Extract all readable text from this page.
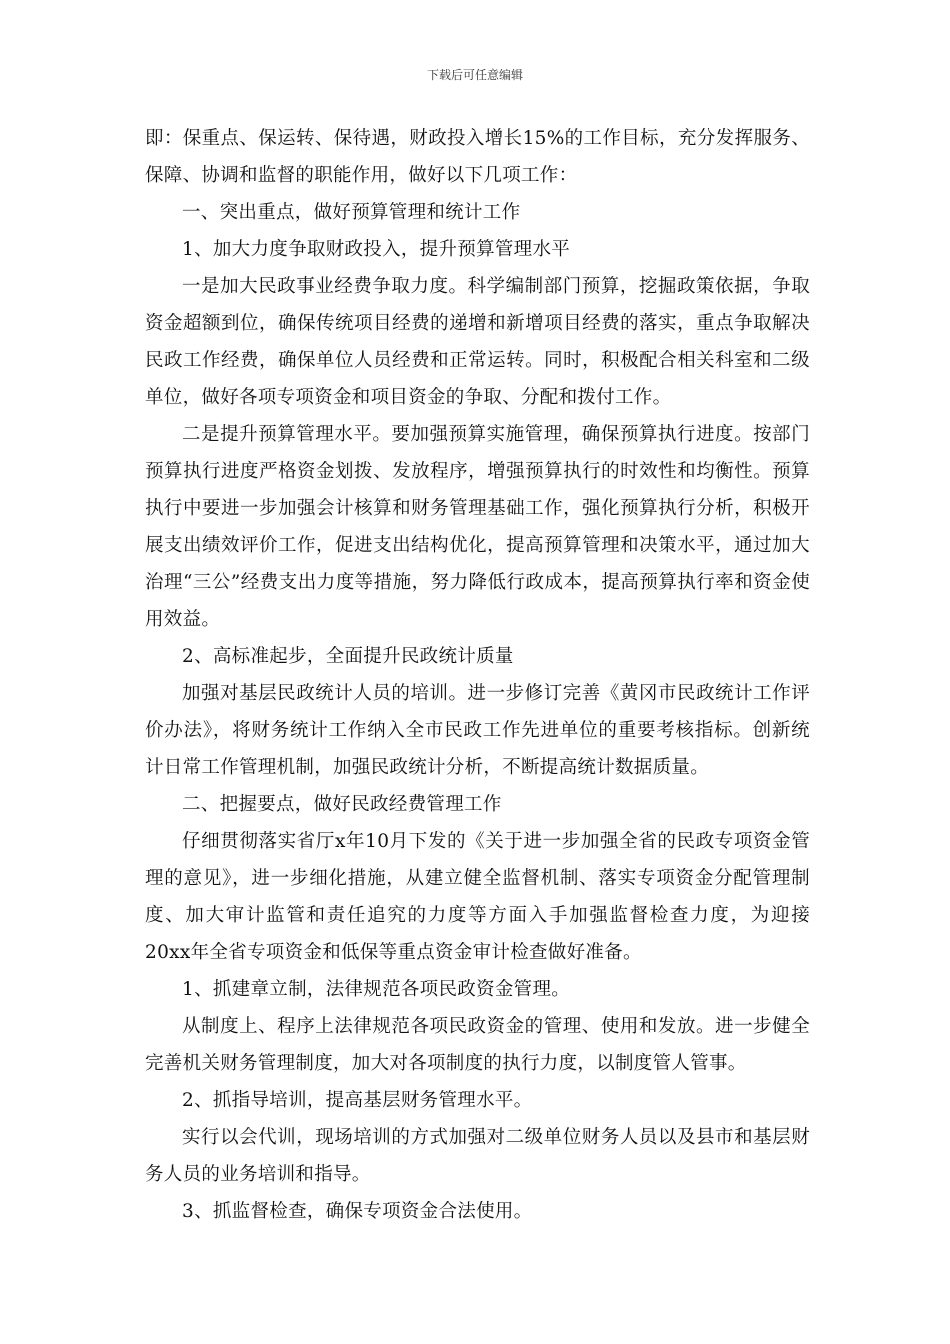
下载后可任意编辑

即：保重点、保运转、保待遇，财政投入增长15%的工作目标，充分发挥服务、保障、协调和监督的职能作用，做好以下几项工作：

一、突出重点，做好预算管理和统计工作

1、加大力度争取财政投入，提升预算管理水平

一是加大民政事业经费争取力度。科学编制部门预算，挖掘政策依据，争取资金超额到位，确保传统项目经费的递增和新增项目经费的落实，重点争取解决民政工作经费，确保单位人员经费和正常运转。同时，积极配合相关科室和二级单位，做好各项专项资金和项目资金的争取、分配和拨付工作。

二是提升预算管理水平。要加强预算实施管理，确保预算执行进度。按部门预算执行进度严格资金划拨、发放程序，增强预算执行的时效性和均衡性。预算执行中要进一步加强会计核算和财务管理基础工作，强化预算执行分析，积极开展支出绩效评价工作，促进支出结构优化，提高预算管理和决策水平，通过加大治理“三公”经费支出力度等措施，努力降低行政成本，提高预算执行率和资金使用效益。

2、高标准起步，全面提升民政统计质量

加强对基层民政统计人员的培训。进一步修订完善《黄冈市民政统计工作评价办法》，将财务统计工作纳入全市民政工作先进单位的重要考核指标。创新统计日常工作管理机制，加强民政统计分析，不断提高统计数据质量。

二、把握要点，做好民政经费管理工作

仔细贯彻落实省厅x年10月下发的《关于进一步加强全省的民政专项资金管理的意见》，进一步细化措施，从建立健全监督机制、落实专项资金分配管理制度、加大审计监管和责任追究的力度等方面入手加强监督检查力度，为迎接20xx年全省专项资金和低保等重点资金审计检查做好准备。

1、抓建章立制，法律规范各项民政资金管理。

从制度上、程序上法律规范各项民政资金的管理、使用和发放。进一步健全完善机关财务管理制度，加大对各项制度的执行力度，以制度管人管事。

2、抓指导培训，提高基层财务管理水平。

实行以会代训，现场培训的方式加强对二级单位财务人员以及县市和基层财务人员的业务培训和指导。

3、抓监督检查，确保专项资金合法使用。
